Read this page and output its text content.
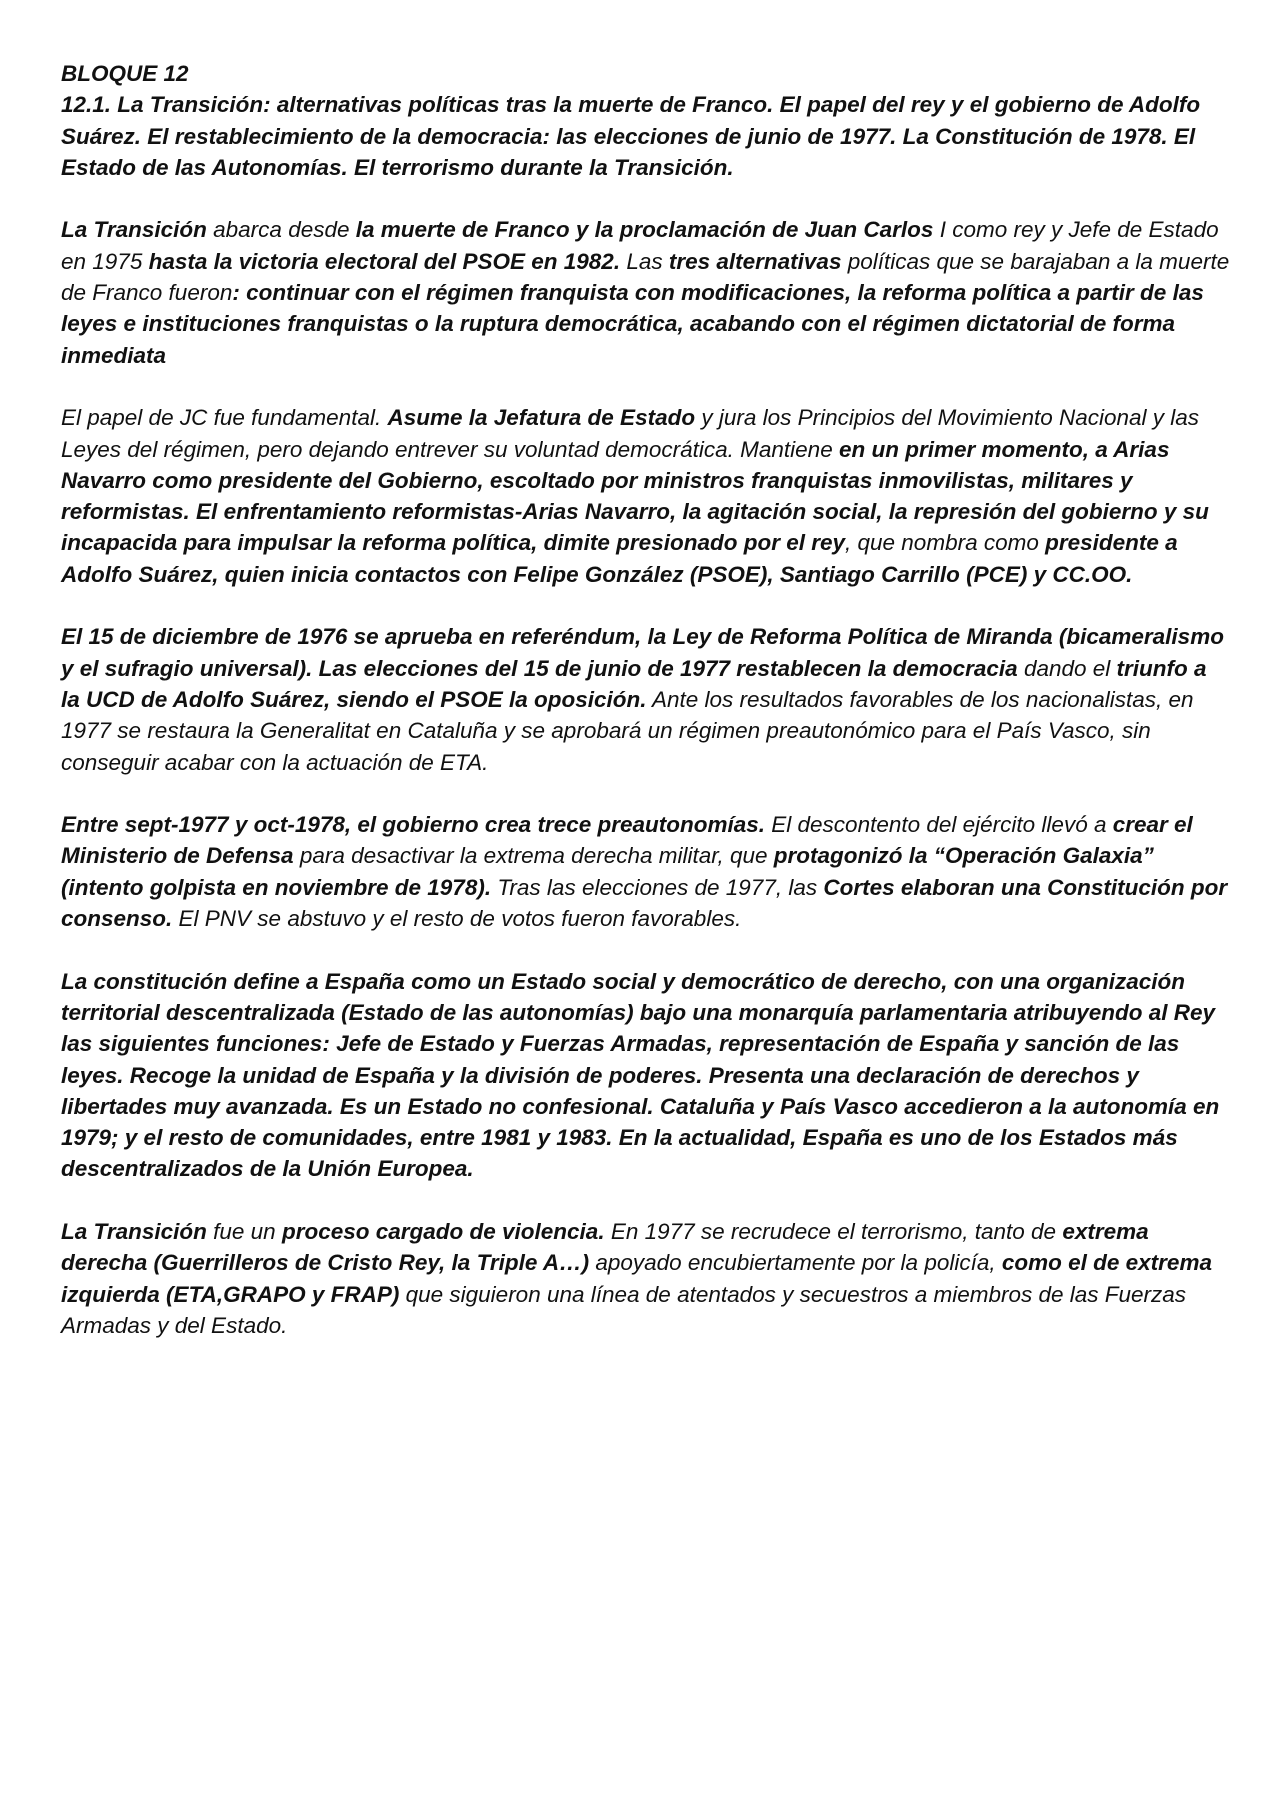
BLOQUE 12
12.1. La Transición: alternativas políticas tras la muerte de Franco. El papel del rey y el gobierno de Adolfo Suárez. El restablecimiento de la democracia: las elecciones de junio de 1977. La Constitución de 1978. El Estado de las Autonomías. El terrorismo durante la Transición.

La Transición abarca desde la muerte de Franco y la proclamación de Juan Carlos I como rey y Jefe de Estado en 1975 hasta la victoria electoral del PSOE en 1982. Las tres alternativas políticas que se barajaban a la muerte de Franco fueron: continuar con el régimen franquista con modificaciones, la reforma política a partir de las leyes e instituciones franquistas o la ruptura democrática, acabando con el régimen dictatorial de forma inmediata

El papel de JC fue fundamental. Asume la Jefatura de Estado y jura los Principios del Movimiento Nacional y las Leyes del régimen, pero dejando entrever su voluntad democrática. Mantiene en un primer momento, a Arias Navarro como presidente del Gobierno, escoltado por ministros franquistas inmovilistas, militares y reformistas. El enfrentamiento reformistas-Arias Navarro, la agitación social, la represión del gobierno y su incapacida para impulsar la reforma política, dimite presionado por el rey, que nombra como presidente a Adolfo Suárez, quien inicia contactos con Felipe González (PSOE), Santiago Carrillo (PCE) y CC.OO.

El 15 de diciembre de 1976 se aprueba en referéndum, la Ley de Reforma Política de Miranda (bicameralismo y el sufragio universal). Las elecciones del 15 de junio de 1977 restablecen la democracia dando el triunfo a la UCD de Adolfo Suárez, siendo el PSOE la oposición. Ante los resultados favorables de los nacionalistas, en 1977 se restaura la Generalitat en Cataluña y se aprobará un régimen preautonómico para el País Vasco, sin conseguir acabar con la actuación de ETA.

Entre sept-1977 y oct-1978, el gobierno crea trece preautonomías. El descontento del ejército llevó a crear el Ministerio de Defensa para desactivar la extrema derecha militar, que protagonizó la “Operación Galaxia” (intento golpista en noviembre de 1978). Tras las elecciones de 1977, las Cortes elaboran una Constitución por consenso. El PNV se abstuvo y el resto de votos fueron favorables.

La constitución define a España como un Estado social y democrático de derecho, con una organización territorial descentralizada (Estado de las autonomías) bajo una monarquía parlamentaria atribuyendo al Rey las siguientes funciones: Jefe de Estado y Fuerzas Armadas, representación de España y sanción de las leyes. Recoge la unidad de España y la división de poderes. Presenta una declaración de derechos y libertades muy avanzada. Es un Estado no confesional. Cataluña y País Vasco accedieron a la autonomía en 1979; y el resto de comunidades, entre 1981 y 1983. En la actualidad, España es uno de los Estados más descentralizados de la Unión Europea.

La Transición fue un proceso cargado de violencia. En 1977 se recrudece el terrorismo, tanto de extrema derecha (Guerrilleros de Cristo Rey, la Triple A…) apoyado encubiertamente por la policía, como el de extrema izquierda (ETA,GRAPO y FRAP) que siguieron una línea de atentados y secuestros a miembros de las Fuerzas Armadas y del Estado.
